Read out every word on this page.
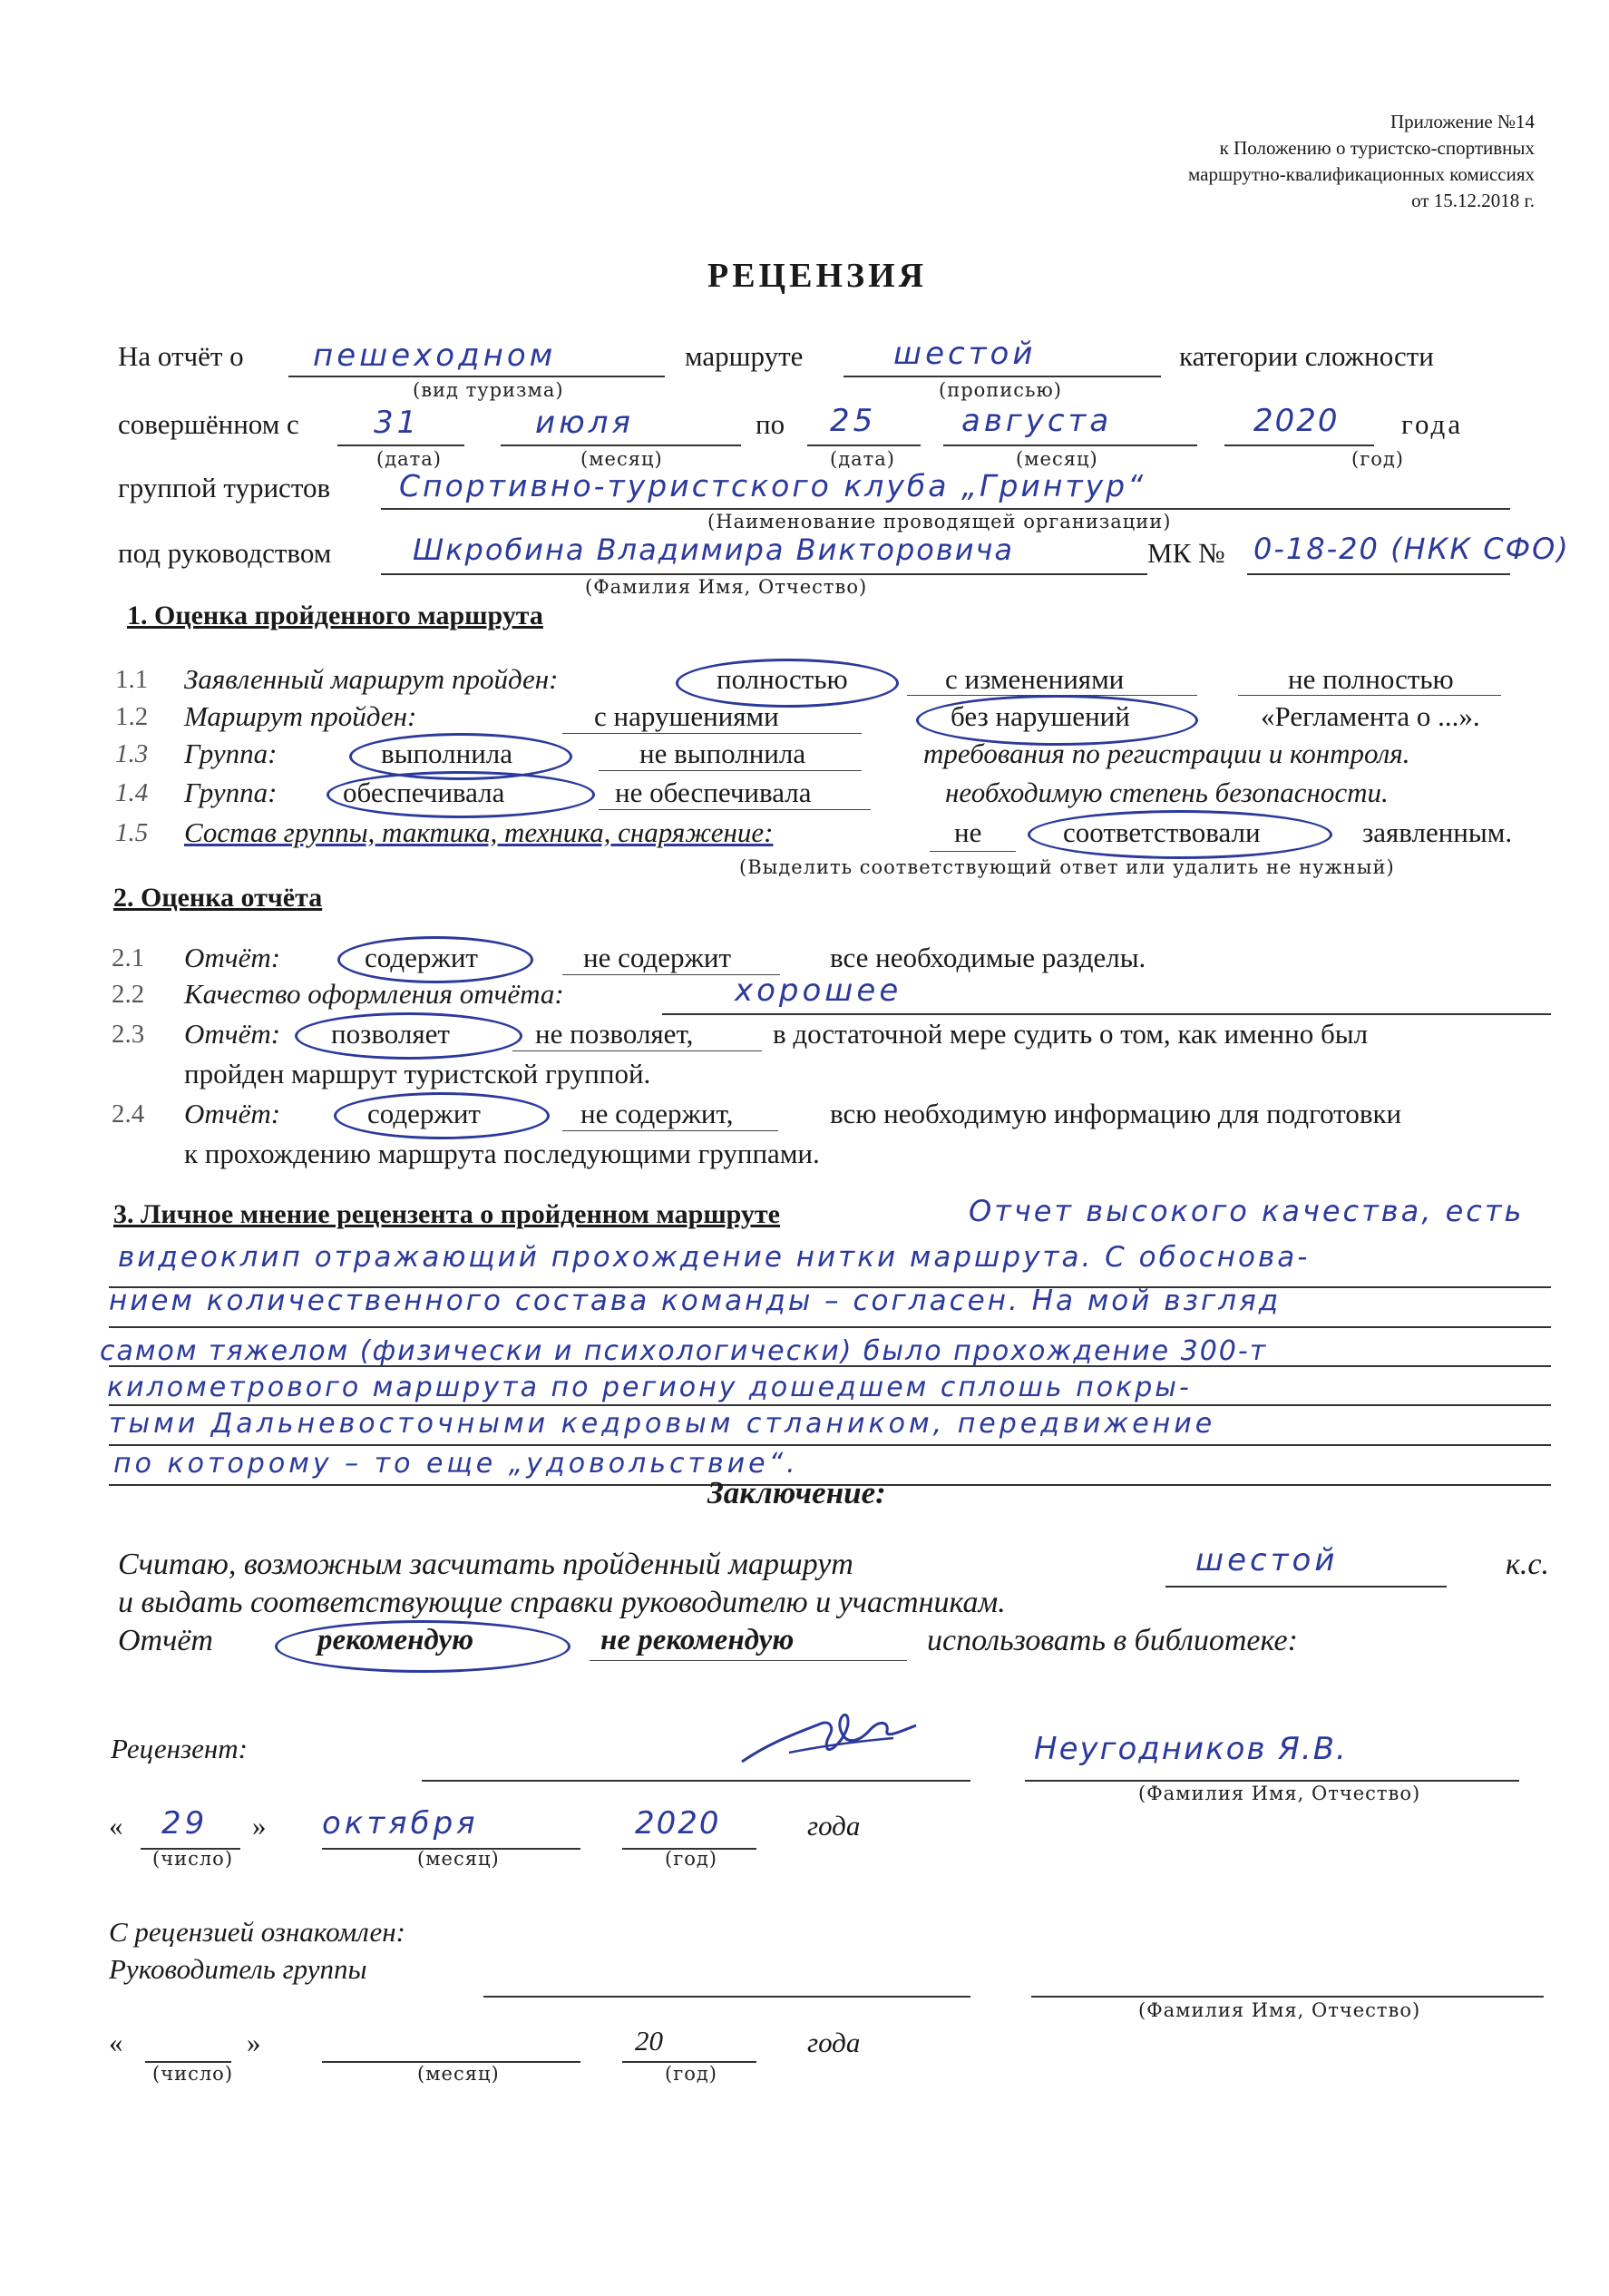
Приложение №14
к Положению о туристско-спортивных
маршрутно-квалификационных комиссиях
от 15.12.2018 г.
РЕЦЕНЗИЯ
На отчёт о пешеходном
(вид туризма)
маршруте	шестой
(прописью)
категории сложности
совершённом с 31
(дата)
июля
(месяц)
по 25
(дата)
августа
(месяц)
2020
(год)
года
группой туристов Спортивно-туристского клуба „Гринтур“
(Наименование проводящей организации)
под руководством	Шкробина Владимира Викторовича	МК № 0-18-20 (НКК СФО)
(Фамилия Имя, Отчество)
1. Оценка пройденного маршрута
1.1 Заявленный маршрут пройден:	полностью	с изменениями	не полностью
1.2 Маршрут пройден:	с нарушениями	без нарушений	«Регламента о ...».
1.3 Группа:	выполнила	не выполнила	требования по регистрации и контроля.
1.4 Группа: обеспечивала	не обеспечивала	необходимую степень безопасности.
1.5 Состав группы, тактика, техника, снаряжение:	не	соответствовали	заявленным.
(Выделить соответствующий ответ или удалить не нужный)
2. Оценка отчёта
2.1 Отчёт:	содержит	не содержит	все необходимые разделы.
2.2 Качество оформления отчёта:	хорошее
2.3 Отчёт: позволяет	не позволяет,	в достаточной мере судить о том, как именно был
пройден маршрут туристской группой.
2.4 Отчёт:	содержит	не содержит,	всю необходимую информацию для подготовки
к прохождению маршрута последующими группами.
3. Личное мнение рецензента о пройденном маршруте	Отчет высокого качества, есть
видеоклип отражающий прохождение нитки маршрута. С обоснова-
нием количественного состава команды – согласен. На мой взгляд
самом тяжелом (физически и психологически) было прохождение 300-т
километрового маршрута по региону дошедшем сплошь покры-
тыми Дальневосточными кедровым стлаником, передвижение
по которому – то еще „удовольствие“.
Заключение:
Считаю, возможным засчитать пройденный маршрут	шестой	к.с.
и выдать соответствующие справки руководителю и участникам.
Отчёт	рекомендую	не рекомендую	использовать в библиотеке:
Рецензент:	Неугодников Я.В.
(Фамилия Имя, Отчество)
« 29 »
(число)
октября
(месяц)
2020
(год)
года
С рецензией ознакомлен:
Руководитель группы
(Фамилия Имя, Отчество)
«	»
(число)	(месяц)
20
(год)
года
